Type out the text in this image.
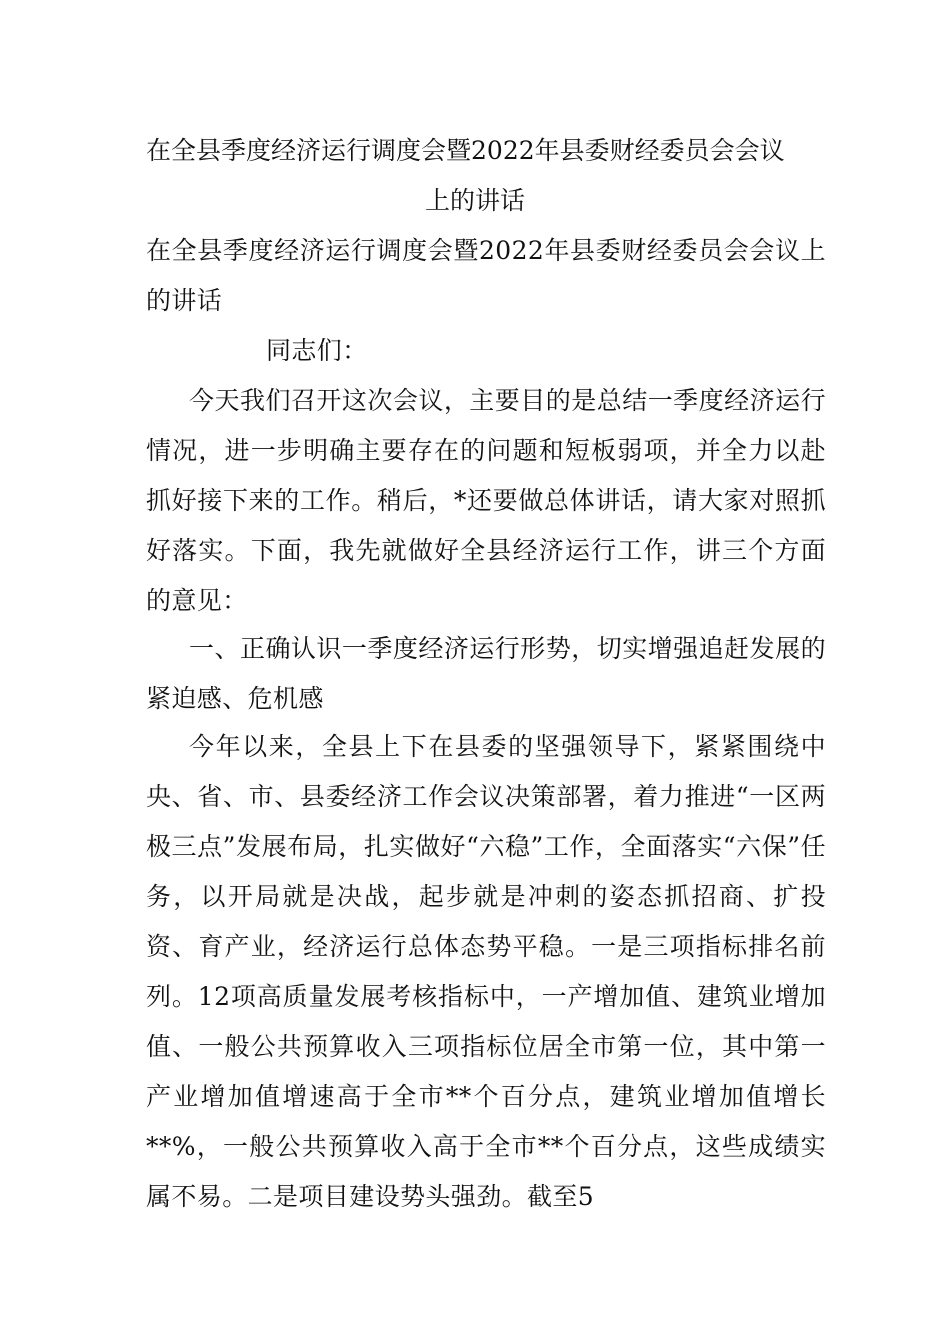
在全县季度经济运行调度会暨2022年县委财经委员会会议

上的讲话

在全县季度经济运行调度会暨2022年县委财经委员会会议上的讲话

同志们：

今天我们召开这次会议，主要目的是总结一季度经济运行情况，进一步明确主要存在的问题和短板弱项，并全力以赴抓好接下来的工作。稍后，*还要做总体讲话，请大家对照抓好落实。下面，我先就做好全县经济运行工作，讲三个方面的意见：

一、正确认识一季度经济运行形势，切实增强追赶发展的紧迫感、危机感

今年以来，全县上下在县委的坚强领导下，紧紧围绕中央、省、市、县委经济工作会议决策部署，着力推进“一区两极三点”发展布局，扎实做好“六稳”工作，全面落实“六保”任务，以开局就是决战，起步就是冲刺的姿态抓招商、扩投资、育产业，经济运行总体态势平稳。一是三项指标排名前列。12项高质量发展考核指标中，一产增加值、建筑业增加值、一般公共预算收入三项指标位居全市第一位，其中第一产业增加值增速高于全市**个百分点，建筑业增加值增长**%，一般公共预算收入高于全市**个百分点，这些成绩实属不易。二是项目建设势头强劲。截至5
